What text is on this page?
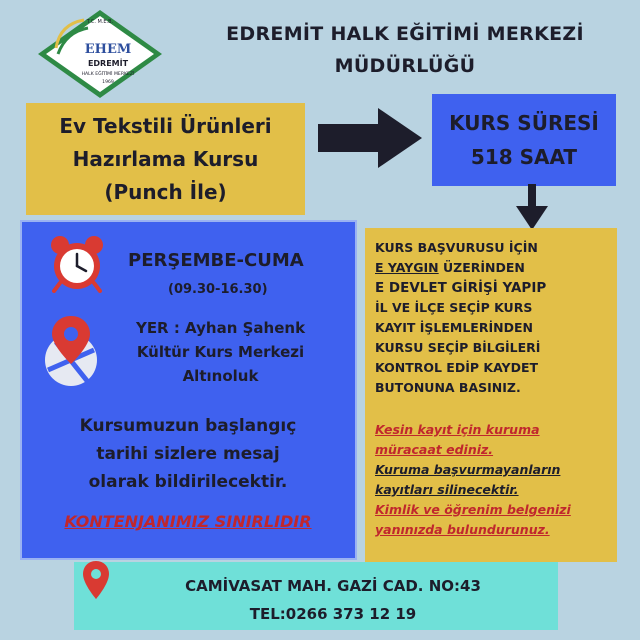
T.C. M.E.B.
EHEM
EDREMİT
HALK EĞİTİMİ MERKEZİ
1969
EDREMİT HALK EĞİTİMİ MERKEZİ
MÜDÜRLÜĞÜ
Ev Tekstili Ürünleri
Hazırlama Kursu
(Punch İle)
KURS SÜRESİ
518 SAAT
PERŞEMBE-CUMA
(09.30-16.30)
YER : Ayhan Şahenk
Kültür Kurs Merkezi
Altınoluk
Kursumuzun başlangıç
tarihi sizlere mesaj
olarak bildirilecektir.
KONTENJANIMIZ SINIRLIDIR
KURS BAŞVURUSU İÇİN
E YAYGIN ÜZERİNDEN
E DEVLET GİRİŞİ YAPIP
İL VE İLÇE SEÇİP KURS
KAYIT İŞLEMLERİNDEN
KURSU SEÇİP BİLGİLERİ
KONTROL EDİP KAYDET
BUTONUNA BASINIZ.
Kesin kayıt için kuruma
müracaat ediniz.
Kuruma başvurmayanların
kayıtları silinecektir.
Kimlik ve öğrenim belgenizi
yanınızda bulundurunuz.
CAMİVASAT MAH. GAZİ CAD. NO:43
TEL:0266 373 12 19
